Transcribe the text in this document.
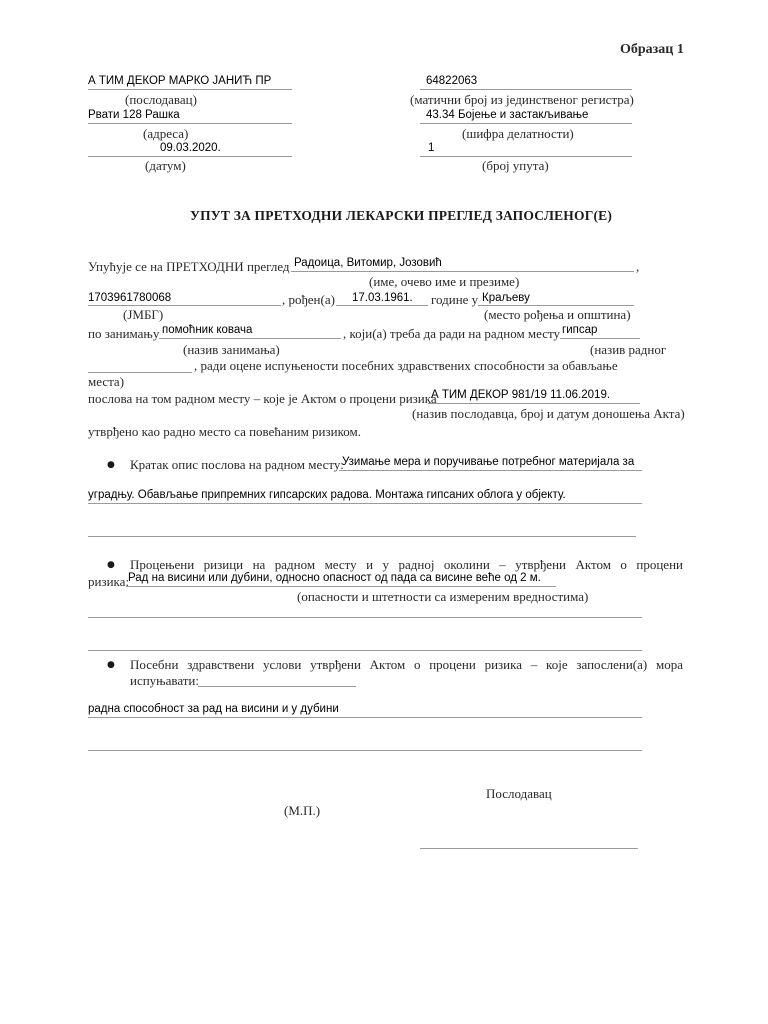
Образац 1
А ТИМ ДЕКОР МАРКО ЈАНИЋ ПР
(послодавац)
Рвати 128 Рашка
(адреса)
09.03.2020.
(датум)
64822063
(матични број из јединственог регистра)
43.34 Бојење и застакљивање
(шифра делатности)
1
(број упута)
УПУТ ЗА ПРЕТХОДНИ ЛЕКАРСКИ ПРЕГЛЕД ЗАПОСЛЕНОГ(Е)
Упућује се на ПРЕТХОДНИ преглед Радоица, Витомир, Јозовић	,
(име, очево име и презиме)
1703961780068	, рођен(а) 17.03.1961. године у Краљеву
(ЈМБГ)	(место рођења и општина)
по занимању помоћник ковача	, који(а) треба да ради на радном месту гипсар
(назив занимања)	(назив радног
, ради оцене испуњености посебних здравствених способности за обављање
места)
послова на том радном месту – које је Актом о процени ризика
А ТИМ ДЕКОР 981/19 11.06.2019.
(назив послодавца, број и датум доношења Акта)
утврђено као радно место са повећаним ризиком.
● Кратак опис послова на радном месту:
Узимање мера и поручивање потребног материјала за
уградњу. Обављање припремних гипсарских радова. Монтажа гипсаних облога у објекту.
● Процењени ризици на радном месту и у радној околини – утврђени Актом о процени
ризика:
Рад на висини или дубини, односно опасност од пада са висине веће од 2 м.
(опасности и штетности са измереним вредностима)
● Посебни здравствени услови утврђени Актом о процени ризика – које запослени(а) мора
испуњавати:
радна способност за рад на висини и у дубини
Послодавац
(М.П.)
